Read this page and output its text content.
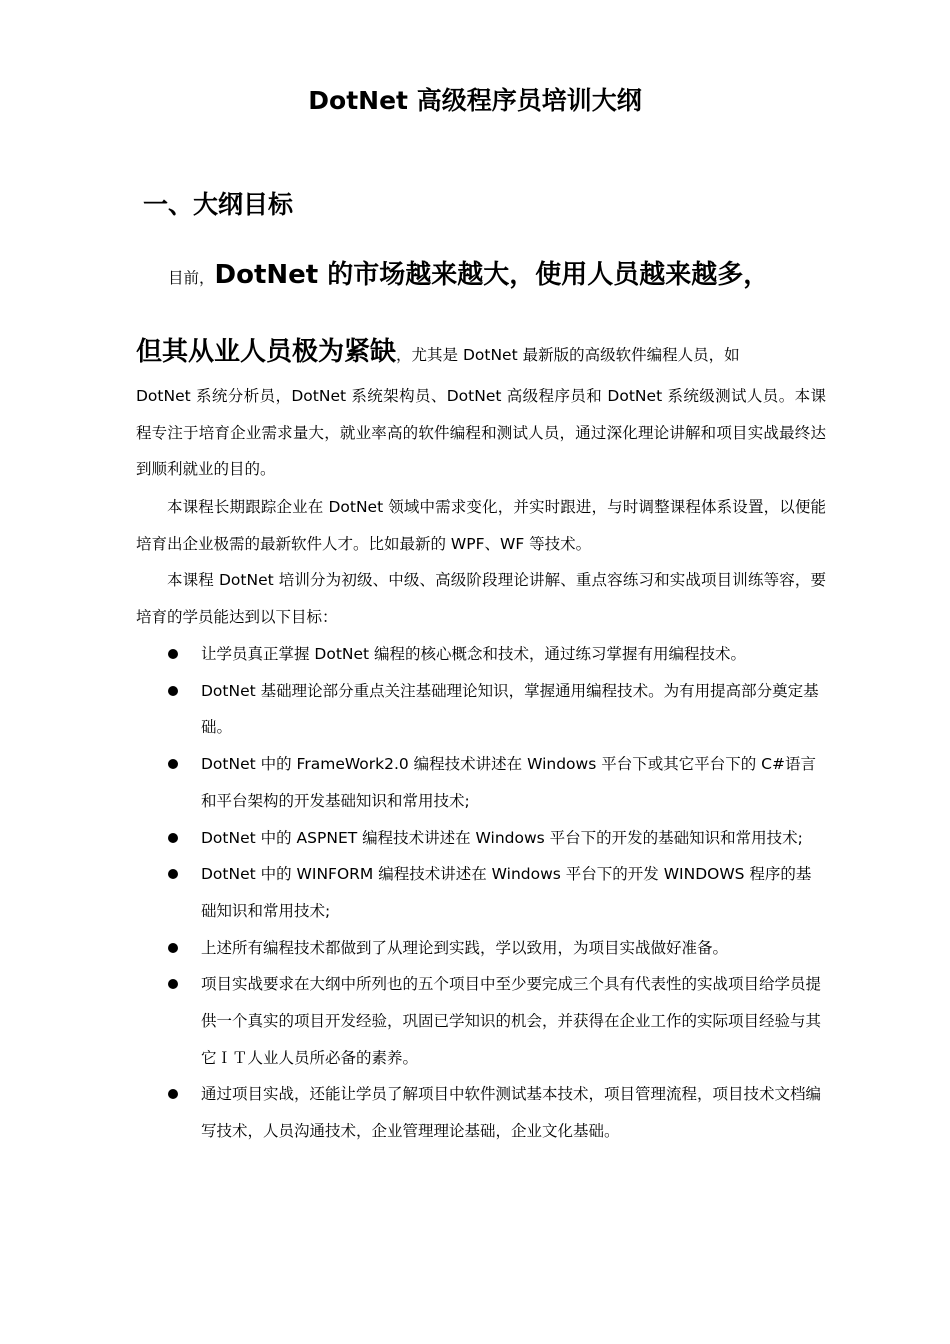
DotNet 高级程序员培训大纲
一、大纲目标
目前，DotNet 的市场越来越大，使用人员越来越多，
但其从业人员极为紧缺，尤其是 DotNet 最新版的高级软件编程人员，如

DotNet 系统分析员，DotNet 系统架构员、DotNet 高级程序员和 DotNet 系统级测试人员。本课程专注于培育企业需求量大，就业率高的软件编程和测试人员，通过深化理论讲解和项目实战最终达到顺利就业的目的。

本课程长期跟踪企业在 DotNet 领域中需求变化，并实时跟进，与时调整课程体系设置，以便能培育出企业极需的最新软件人才。比如最新的 WPF、WF 等技术。

本课程 DotNet 培训分为初级、中级、高级阶段理论讲解、重点容练习和实战项目训练等容，要培育的学员能达到以下目标：

让学员真正掌握 DotNet 编程的核心概念和技术，通过练习掌握有用编程技术。
DotNet 基础理论部分重点关注基础理论知识，掌握通用编程技术。为有用提高部分奠定基础。
DotNet 中的 FrameWork2.0 编程技术讲述在 Windows 平台下或其它平台下的 C#语言和平台架构的开发基础知识和常用技术;
DotNet 中的 ASPNET 编程技术讲述在 Windows 平台下的开发的基础知识和常用技术;
DotNet 中的 WINFORM 编程技术讲述在 Windows 平台下的开发 WINDOWS 程序的基础知识和常用技术;
上述所有编程技术都做到了从理论到实践，学以致用，为项目实战做好准备。
项目实战要求在大纲中所列也的五个项目中至少要完成三个具有代表性的实战项目给学员提供一个真实的项目开发经验，巩固已学知识的机会，并获得在企业工作的实际项目经验与其它ＩＴ人业人员所必备的素养。
通过项目实战，还能让学员了解项目中软件测试基本技术，项目管理流程，项目技术文档编写技术，人员沟通技术，企业管理理论基础，企业文化基础。
